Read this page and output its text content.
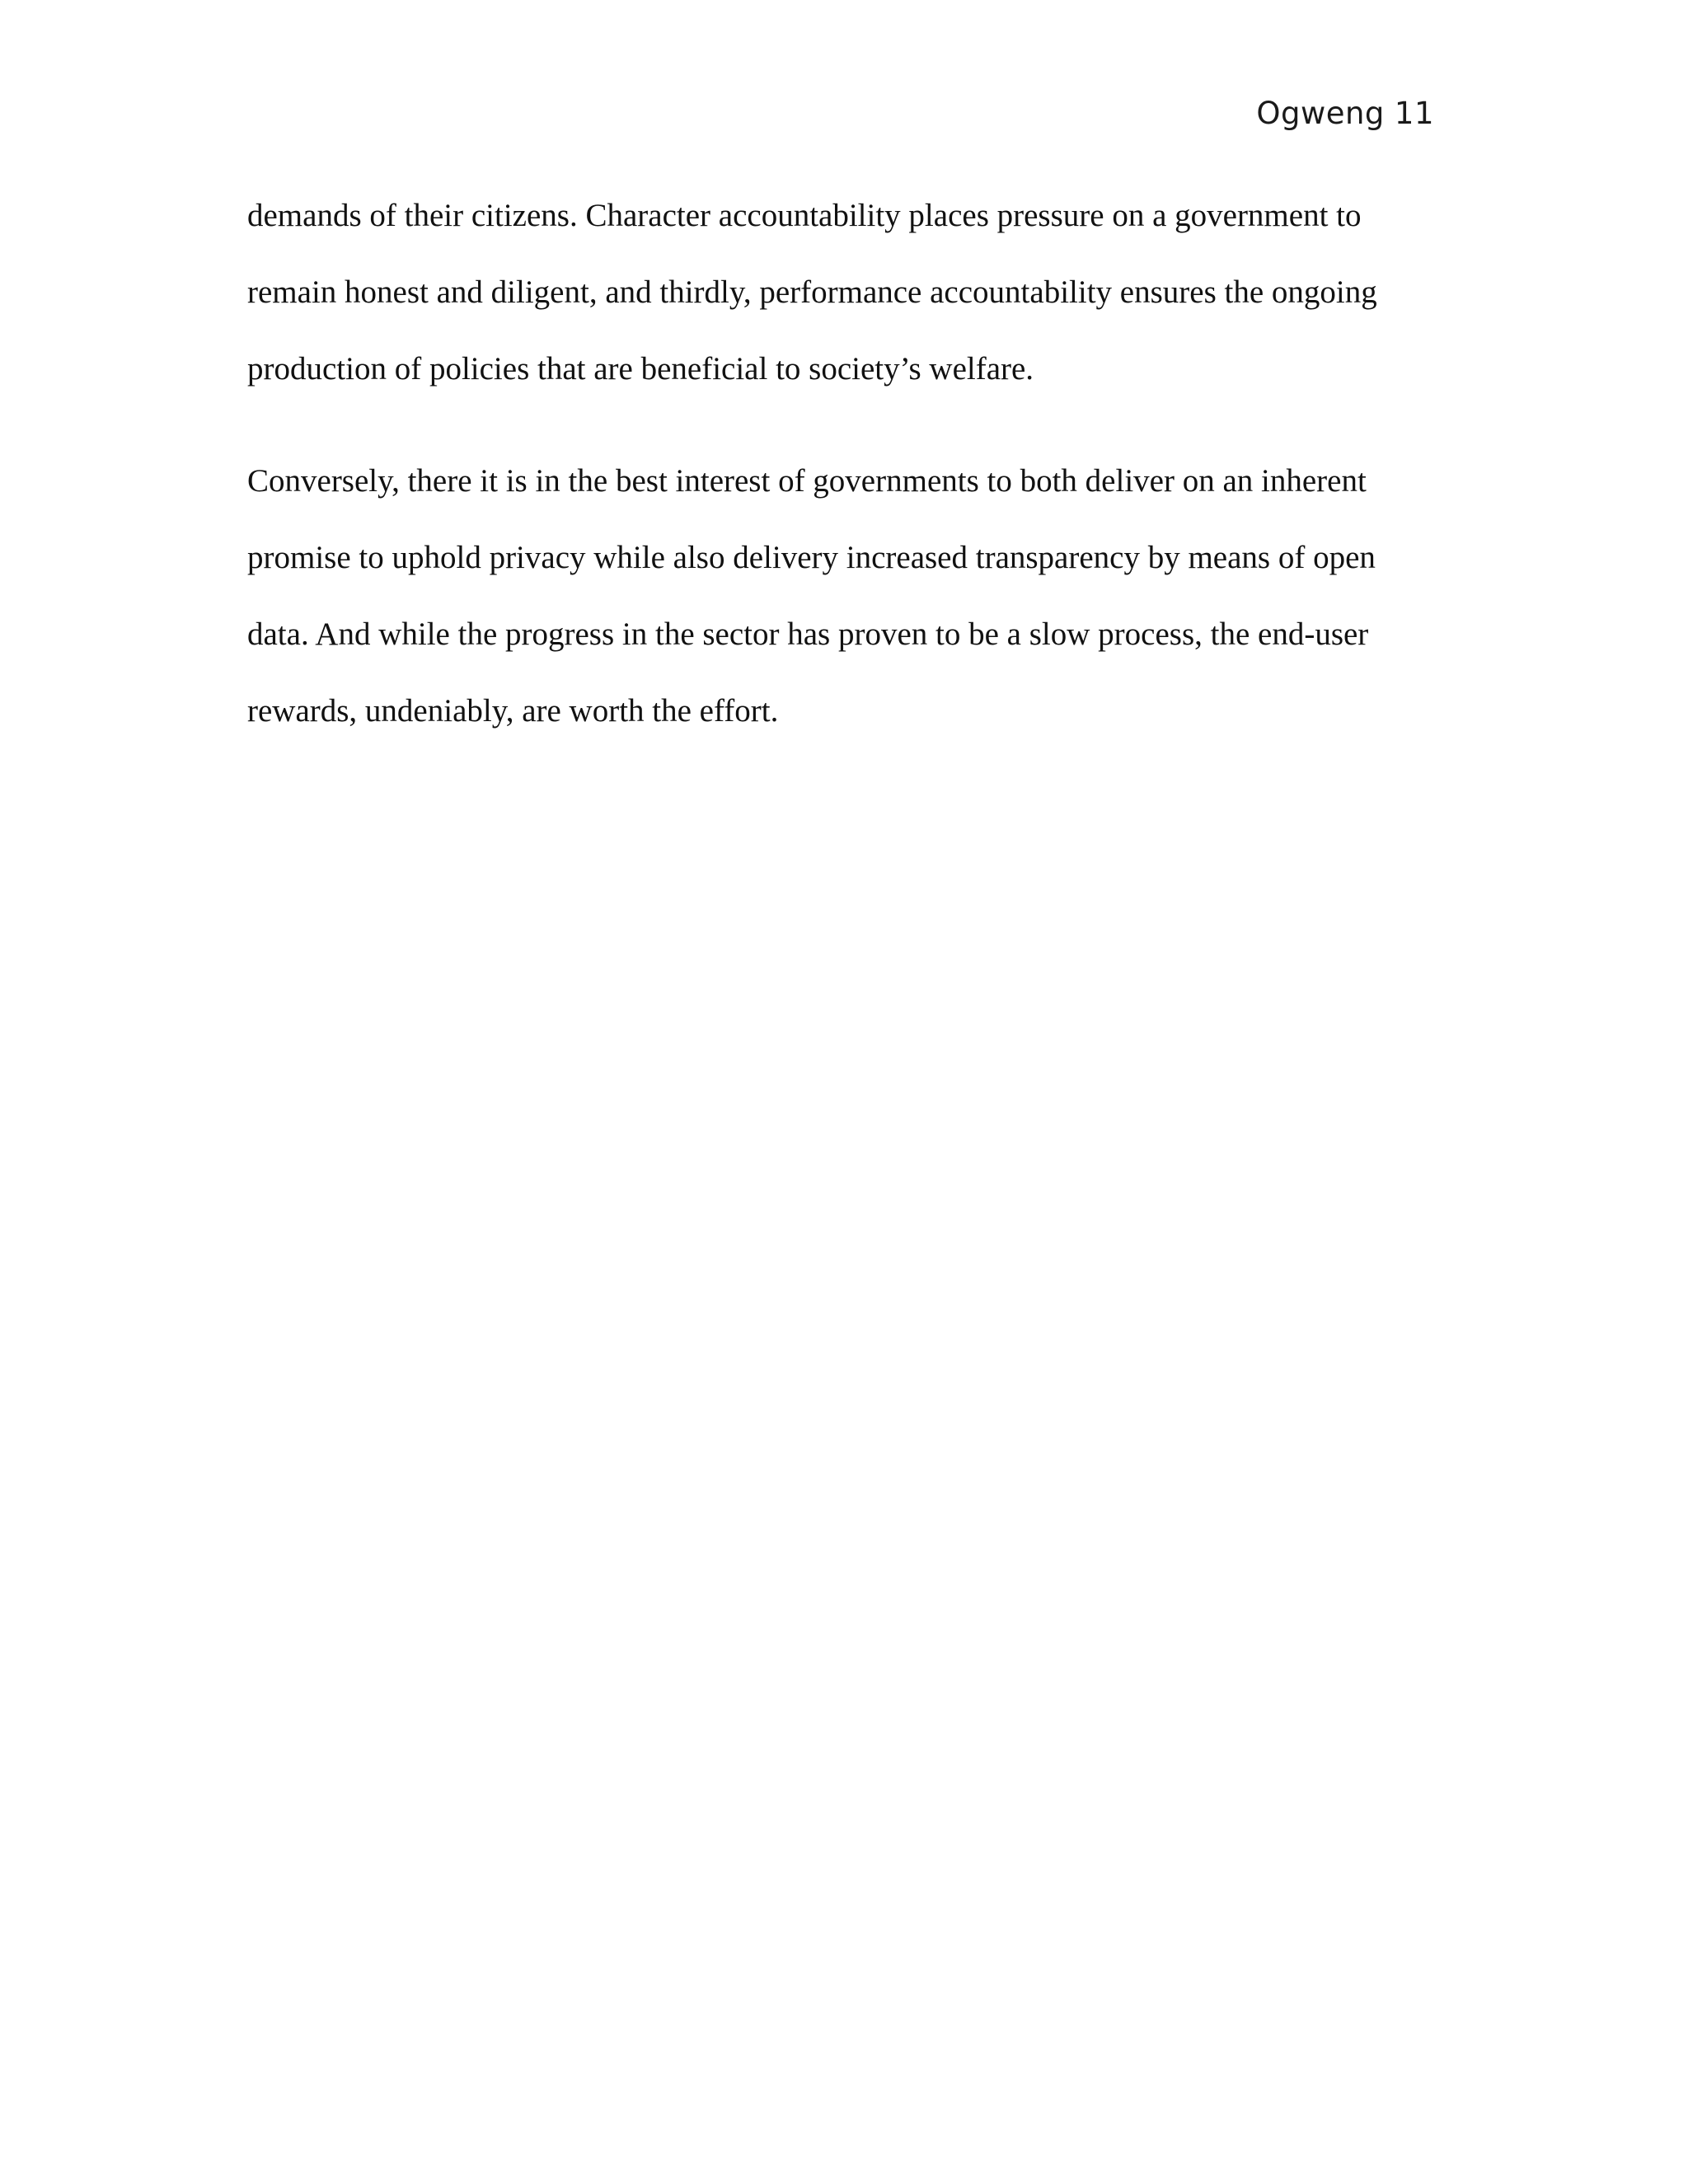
Ogweng 11

demands of their citizens. Character accountability places pressure on a government to
remain honest and diligent, and thirdly, performance accountability ensures the ongoing
production of policies that are beneficial to society’s welfare.

Conversely, there it is in the best interest of governments to both deliver on an inherent
promise to uphold privacy while also delivery increased transparency by means of open
data. And while the progress in the sector has proven to be a slow process, the end-user
rewards, undeniably, are worth the effort.
